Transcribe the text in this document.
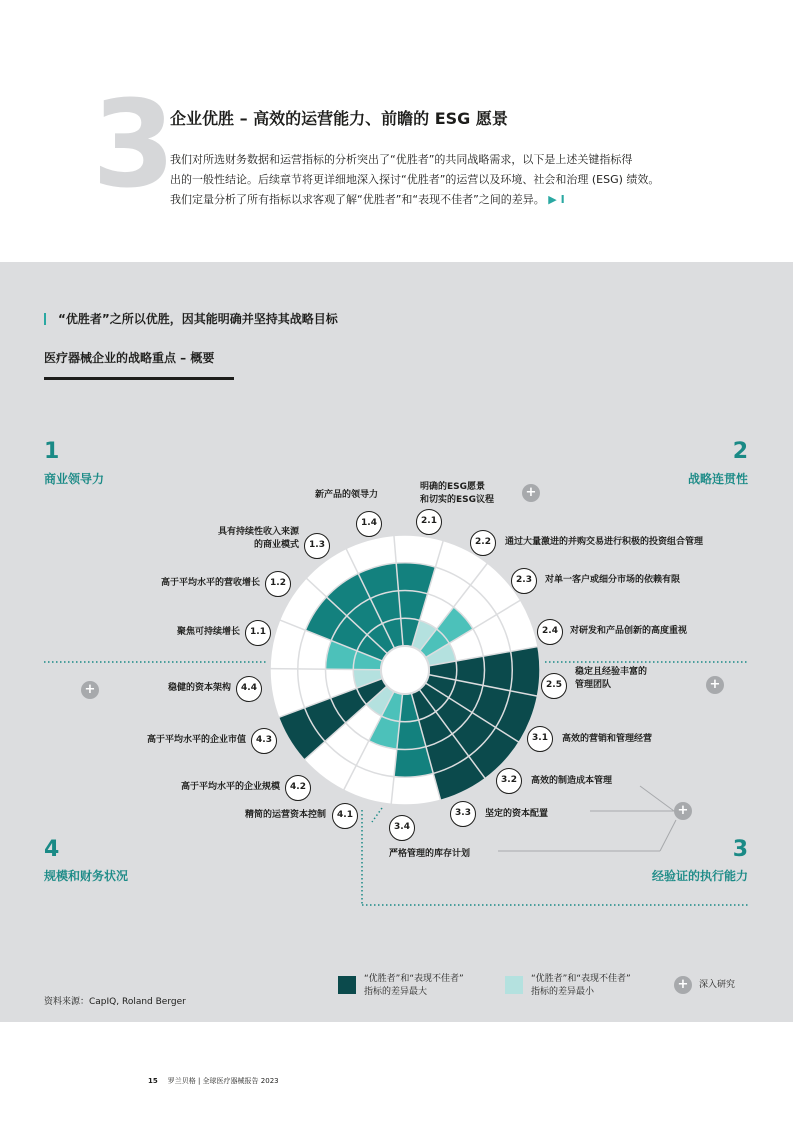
3
企业优胜 – 高效的运营能力、前瞻的 ESG 愿景

我们对所选财务数据和运营指标的分析突出了“优胜者”的共同战略需求，以下是上述关键指标得

出的一般性结论。后续章节将更详细地深入探讨“优胜者”的运营以及环境、社会和治理 (ESG) 绩效。

我们定量分析了所有指标以求客观了解“优胜者”和“表现不佳者”之间的差异。 ▶ I

“优胜者”之所以优胜，因其能明确并坚持其战略目标
医疗器械企业的战略重点 – 概要
1
商业领导力
2
战略连贯性
3
经验证的执行能力
4
规模和财务状况
1.1
聚焦可持续增长
1.2
高于平均水平的营收增长
1.3
具有持续性收入来源
的商业模式
1.4
新产品的领导力
2.1
明确的ESG愿景
和切实的ESG议程
2.2	通过大量激进的并购交易进行积极的投资组合管理
2.3	对单一客户或细分市场的依赖有限
2.4	对研发和产品创新的高度重视
2.5
稳定且经验丰富的
管理团队
3.1	高效的营销和管理经营
3.2	高效的制造成本管理
3.3	坚定的资本配置
3.4
严格管理的库存计划
4.1
精简的运营资本控制
4.2
高于平均水平的企业规模
4.3
高于平均水平的企业市值
4.4
稳健的资本架构
+
+	+
+
“优胜者”和“表现不佳者”
指标的差异最大
“优胜者”和“表现不佳者”
指标的差异最小	+	深入研究
资料来源：CapIQ, Roland Berger
15 罗兰贝格 | 全球医疗器械报告 2023
